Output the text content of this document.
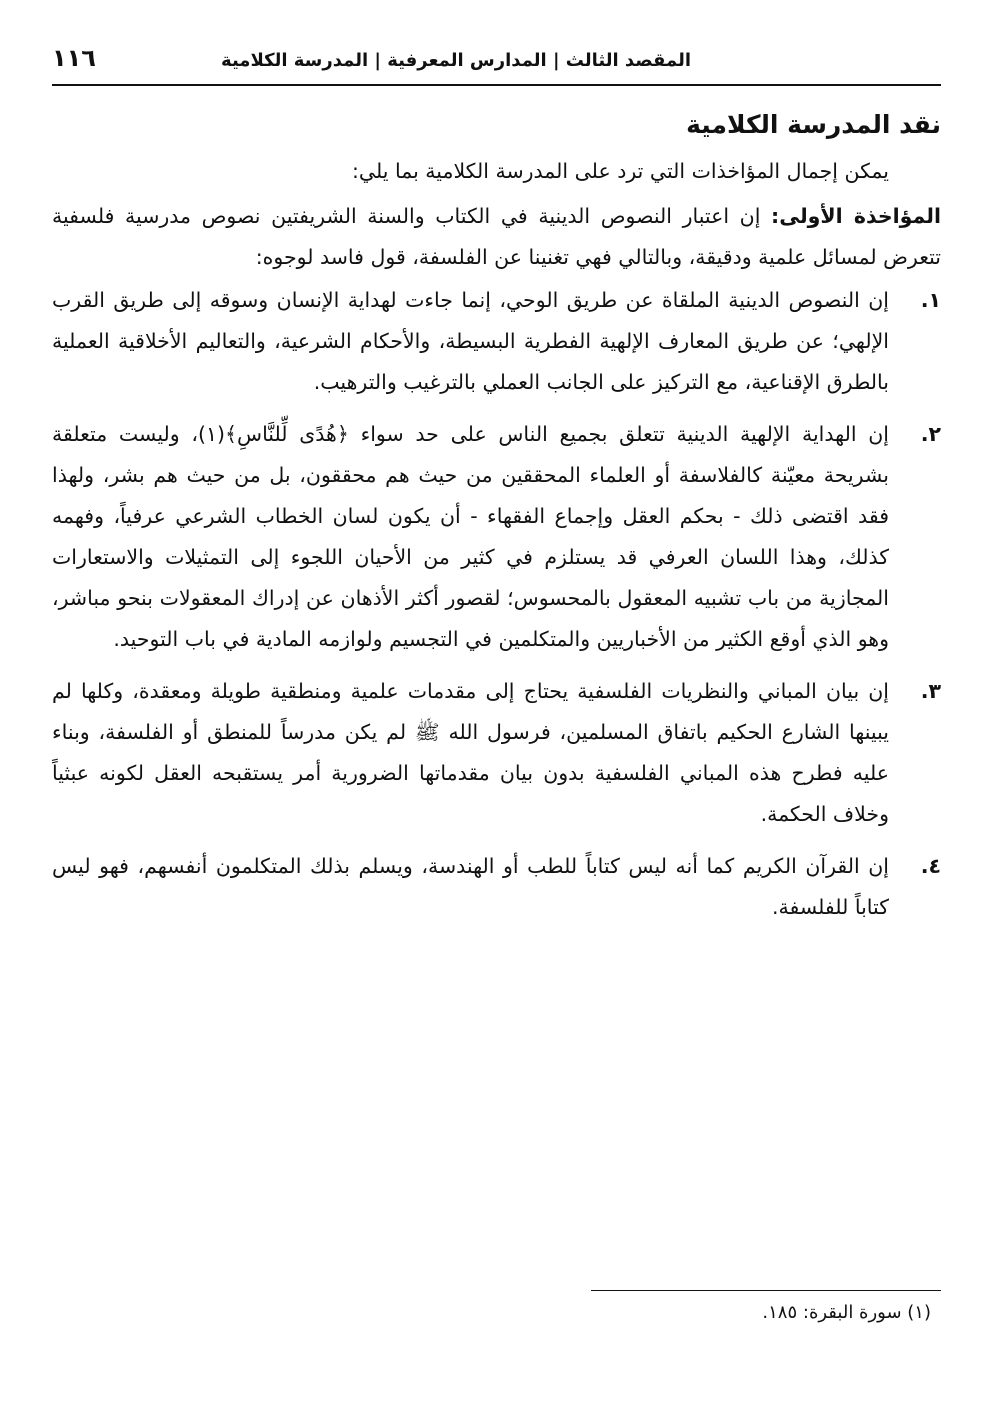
١١٦	المقصد الثالث | المدارس المعرفية | المدرسة الكلامية
نقد المدرسة الكلامية

يمكن إجمال المؤاخذات التي ترد على المدرسة الكلامية بما يلي:

المؤاخذة الأولى: إن اعتبار النصوص الدينية في الكتاب والسنة الشريفتين نصوص مدرسية فلسفية تتعرض لمسائل علمية ودقيقة، وبالتالي فهي تغنينا عن الفلسفة، قول فاسد لوجوه:

١.

إن النصوص الدينية الملقاة عن طريق الوحي، إنما جاءت لهداية الإنسان وسوقه إلى طريق القرب الإلهي؛ عن طريق المعارف الإلهية الفطرية البسيطة، والأحكام الشرعية، والتعاليم الأخلاقية العملية بالطرق الإقناعية، مع التركيز على الجانب العملي بالترغيب والترهيب.

٢.

إن الهداية الإلهية الدينية تتعلق بجميع الناس على حد سواء ﴿هُدًى لِّلنَّاسِ﴾(١)، وليست متعلقة بشريحة معيّنة كالفلاسفة أو العلماء المحققين من حيث هم محققون، بل من حيث هم بشر، ولهذا فقد اقتضى ذلك - بحكم العقل وإجماع الفقهاء - أن يكون لسان الخطاب الشرعي عرفياً، وفهمه كذلك، وهذا اللسان العرفي قد يستلزم في كثير من الأحيان اللجوء إلى التمثيلات والاستعارات المجازية من باب تشبيه المعقول بالمحسوس؛ لقصور أكثر الأذهان عن إدراك المعقولات بنحو مباشر، وهو الذي أوقع الكثير من الأخباريين والمتكلمين في التجسيم ولوازمه المادية في باب التوحيد.

٣.

إن بيان المباني والنظريات الفلسفية يحتاج إلى مقدمات علمية ومنطقية طويلة ومعقدة، وكلها لم يبينها الشارع الحكيم باتفاق المسلمين، فرسول الله ﷺ لم يكن مدرساً للمنطق أو الفلسفة، وبناء عليه فطرح هذه المباني الفلسفية بدون بيان مقدماتها الضرورية أمر يستقبحه العقل لكونه عبثياً وخلاف الحكمة.

٤.

إن القرآن الكريم كما أنه ليس كتاباً للطب أو الهندسة، ويسلم بذلك المتكلمون أنفسهم، فهو ليس كتاباً للفلسفة.

(١) سورة البقرة: ١٨٥.
